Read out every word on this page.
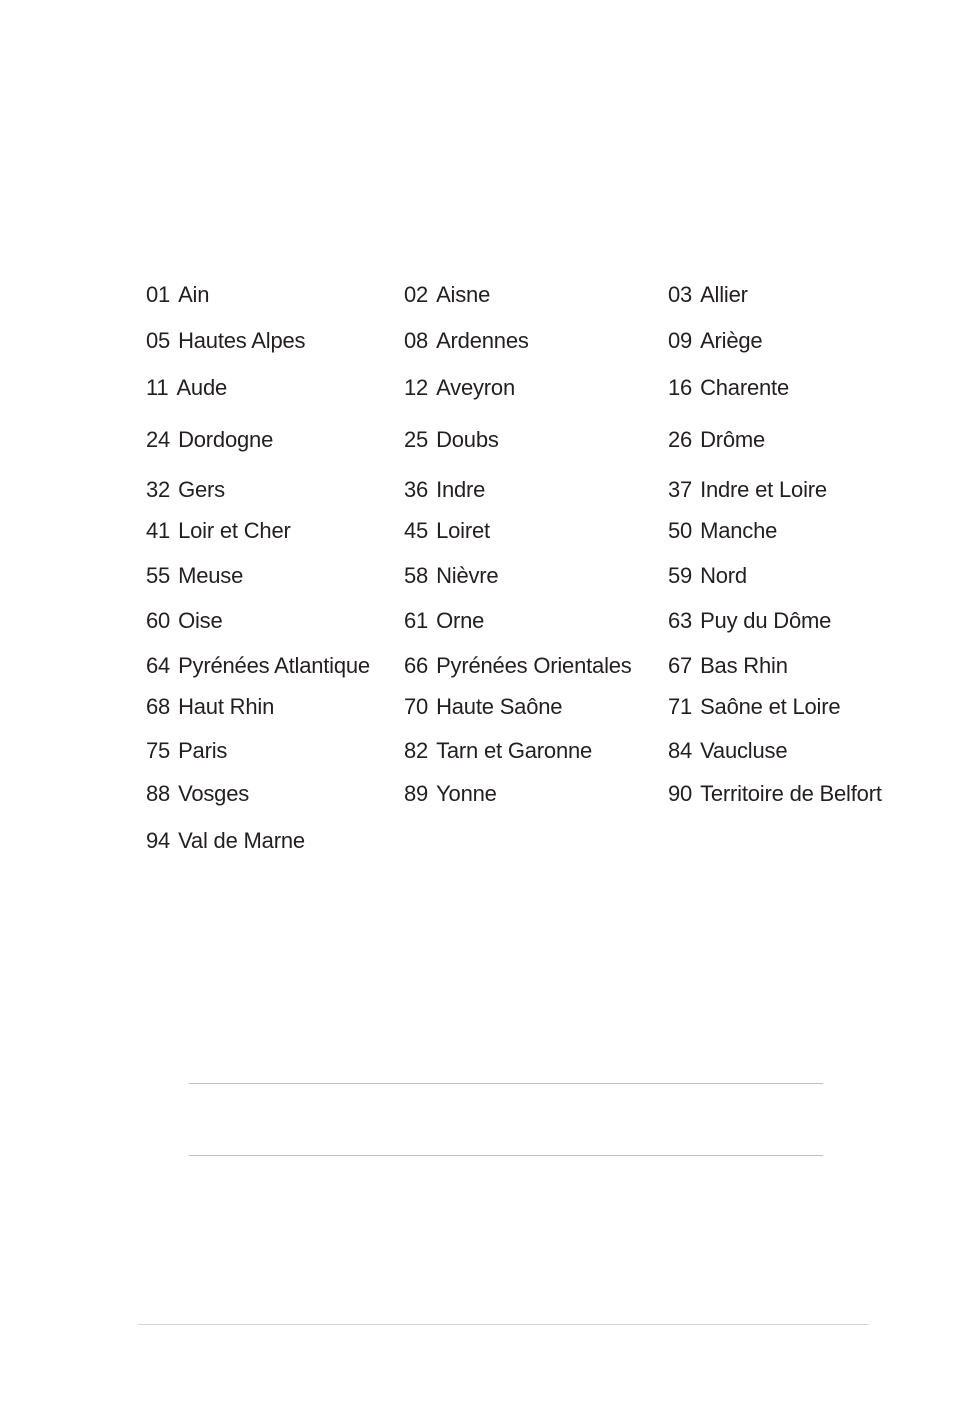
01 Ain	02 Aisne	03 Allier
05 Hautes Alpes	08 Ardennes	09 Ariège
11 Aude	12 Aveyron	16 Charente
24 Dordogne	25 Doubs	26 Drôme
32 Gers	36 Indre	37 Indre et Loire
41 Loir et Cher	45 Loiret	50 Manche
55 Meuse	58 Nièvre	59 Nord
60 Oise	61 Orne	63 Puy du Dôme
64 Pyrénées Atlantique 66 Pyrénées Orientales 67 Bas Rhin
68 Haut Rhin	70 Haute Saône	71 Saône et Loire
75 Paris	82 Tarn et Garonne	84 Vaucluse
88 Vosges	89 Yonne	90 Territoire de Belfort
94 Val de Marne
